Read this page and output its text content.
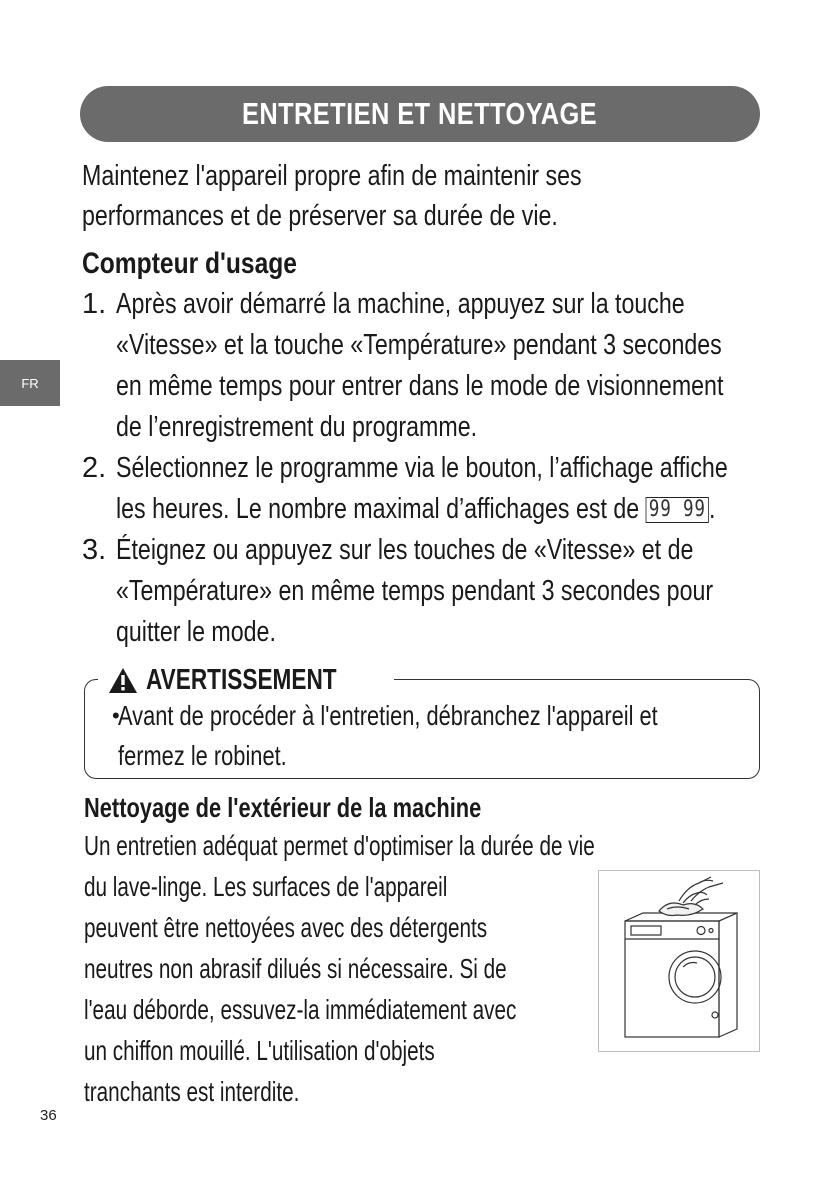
ENTRETIEN ET NETTOYAGE
FR
Maintenez l'appareil propre afin de maintenir ses
performances et de préserver sa durée de vie.
Compteur d'usage
1. Après avoir démarré la machine, appuyez sur la touche
«Vitesse» et la touche «Température» pendant 3 secondes
en même temps pour entrer dans le mode de visionnement
de l’enregistrement du programme.
2. Sélectionnez le programme via le bouton, l’affichage affiche
les heures. Le nombre maximal d’affichages est de 99 99 .
3. Éteignez ou appuyez sur les touches de «Vitesse» et de
«Température» en même temps pendant 3 secondes pour
quitter le mode.
AVERTISSEMENT
•
Avant de procéder à l'entretien, débranchez l'appareil et
fermez le robinet.
Nettoyage de l'extérieur de la machine
Un entretien adéquat permet d'optimiser la durée de vie
du lave-linge. Les surfaces de l'appareil
peuvent être nettoyées avec des détergents
neutres non abrasif dilués si nécessaire. Si de
l'eau déborde, essuvez-la immédiatement avec
un chiffon mouillé. L'utilisation d'objets
tranchants est interdite.
36
